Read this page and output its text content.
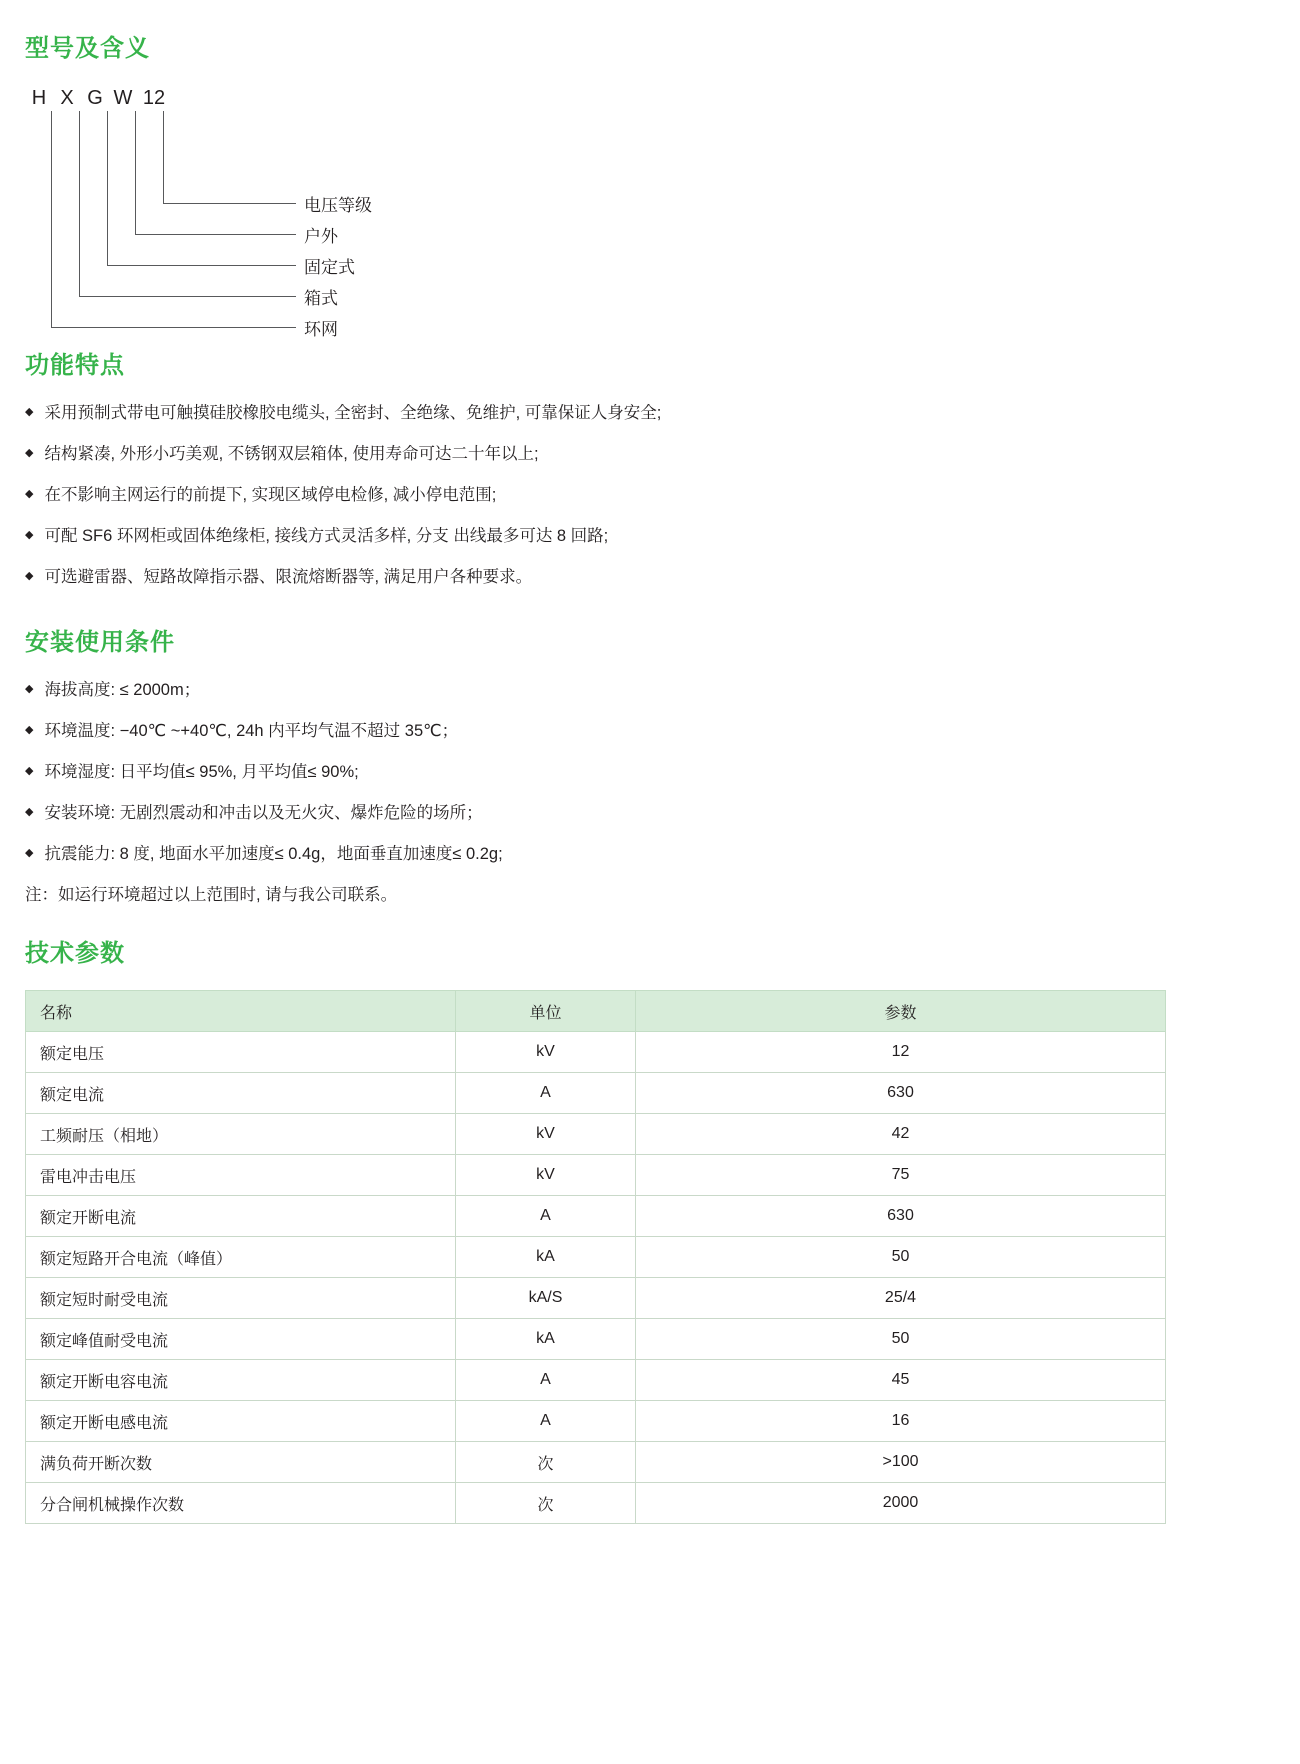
型号及含义
H X G W 12
电压等级
户外
固定式
箱式
环网
功能特点
◆ 采用预制式带电可触摸硅胶橡胶电缆头, 全密封、全绝缘、免维护, 可靠保证人身安全;
◆ 结构紧凑, 外形小巧美观, 不锈钢双层箱体, 使用寿命可达二十年以上;
◆ 在不影响主网运行的前提下, 实现区域停电检修, 减小停电范围;
◆ 可配 SF6 环网柜或固体绝缘柜, 接线方式灵活多样, 分支 出线最多可达 8 回路;
◆ 可选避雷器、短路故障指示器、限流熔断器等, 满足用户各种要求。
安装使用条件
◆ 海拔高度: ≤ 2000m；
◆ 环境温度: −40℃ ~+40℃, 24h 内平均气温不超过 35℃；
◆ 环境湿度: 日平均值≤ 95%, 月平均值≤ 90%;
◆ 安装环境: 无剧烈震动和冲击以及无火灾、爆炸危险的场所；
◆ 抗震能力: 8 度, 地面水平加速度≤ 0.4g，地面垂直加速度≤ 0.2g;
注：如运行环境超过以上范围时, 请与我公司联系。
技术参数
名称	单位	参数
额定电压	kV	12
额定电流	A	630
工频耐压（相地）	kV	42
雷电冲击电压	kV	75
额定开断电流	A	630
额定短路开合电流（峰值）	kA	50
额定短时耐受电流	kA/S	25/4
额定峰值耐受电流	kA	50
额定开断电容电流	A	45
额定开断电感电流	A	16
满负荷开断次数	次	>100
分合闸机械操作次数	次	2000
